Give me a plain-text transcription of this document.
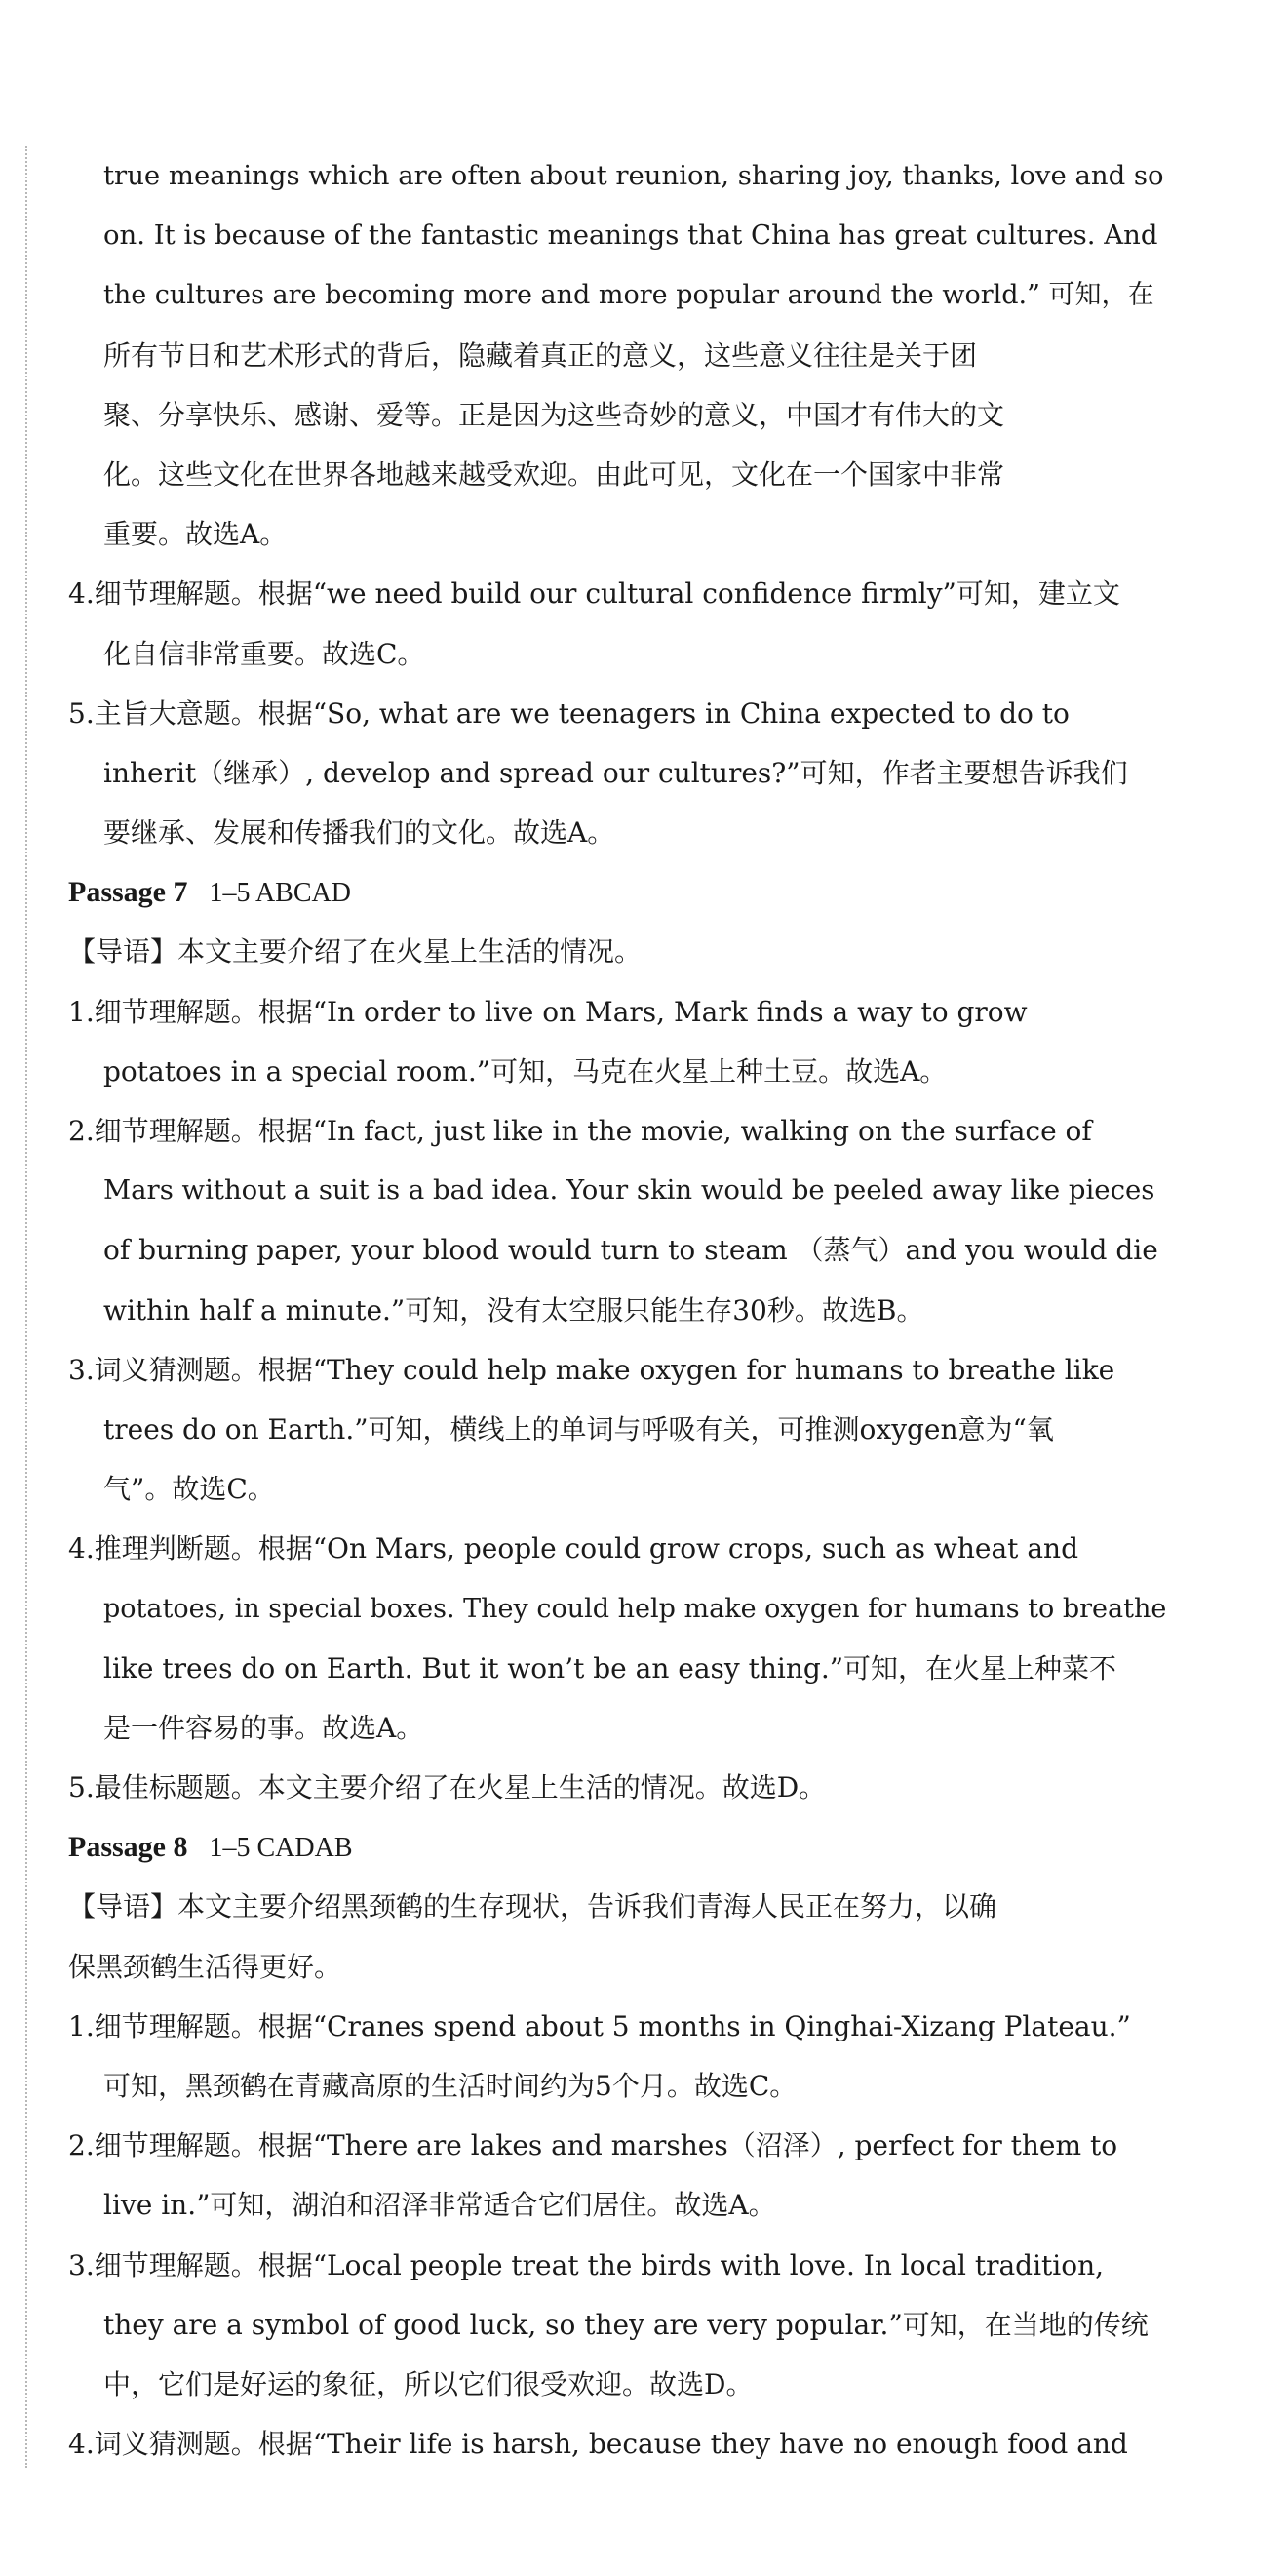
true meanings which are often about reunion, sharing joy, thanks, love and so
on. It is because of the fantastic meanings that China has great cultures. And
the cultures are becoming more and more popular around the world.” 可知，在
所有节日和艺术形式的背后，隐藏着真正的意义，这些意义往往是关于团
聚、分享快乐、感谢、爱等。正是因为这些奇妙的意义，中国才有伟大的文
化。这些文化在世界各地越来越受欢迎。由此可见，文化在一个国家中非常
重要。故选A。
4.细节理解题。根据“we need build our cultural confidence firmly”可知，建立文
化自信非常重要。故选C。
5.主旨大意题。根据“So, what are we teenagers in China expected to do to
inherit（继承）, develop and spread our cultures?”可知，作者主要想告诉我们
要继承、发展和传播我们的文化。故选A。
Passage 7 1–5 ABCAD
【导语】本文主要介绍了在火星上生活的情况。
1.细节理解题。根据“In order to live on Mars, Mark finds a way to grow
potatoes in a special room.”可知，马克在火星上种土豆。故选A。
2.细节理解题。根据“In fact, just like in the movie, walking on the surface of
Mars without a suit is a bad idea. Your skin would be peeled away like pieces
of burning paper, your blood would turn to steam （蒸气）and you would die
within half a minute.”可知，没有太空服只能生存30秒。故选B。
3.词义猜测题。根据“They could help make oxygen for humans to breathe like
trees do on Earth.”可知，横线上的单词与呼吸有关，可推测oxygen意为“氧
气”。故选C。
4.推理判断题。根据“On Mars, people could grow crops, such as wheat and
potatoes, in special boxes. They could help make oxygen for humans to breathe
like trees do on Earth. But it won’t be an easy thing.”可知，在火星上种菜不
是一件容易的事。故选A。
5.最佳标题题。本文主要介绍了在火星上生活的情况。故选D。
Passage 8 1–5 CADAB
【导语】本文主要介绍黑颈鹤的生存现状，告诉我们青海人民正在努力，以确
保黑颈鹤生活得更好。
1.细节理解题。根据“Cranes spend about 5 months in Qinghai-Xizang Plateau.”
可知，黑颈鹤在青藏高原的生活时间约为5个月。故选C。
2.细节理解题。根据“There are lakes and marshes（沼泽）, perfect for them to
live in.”可知，湖泊和沼泽非常适合它们居住。故选A。
3.细节理解题。根据“Local people treat the birds with love. In local tradition,
they are a symbol of good luck, so they are very popular.”可知，在当地的传统
中，它们是好运的象征，所以它们很受欢迎。故选D。
4.词义猜测题。根据“Their life is harsh, because they have no enough food and
